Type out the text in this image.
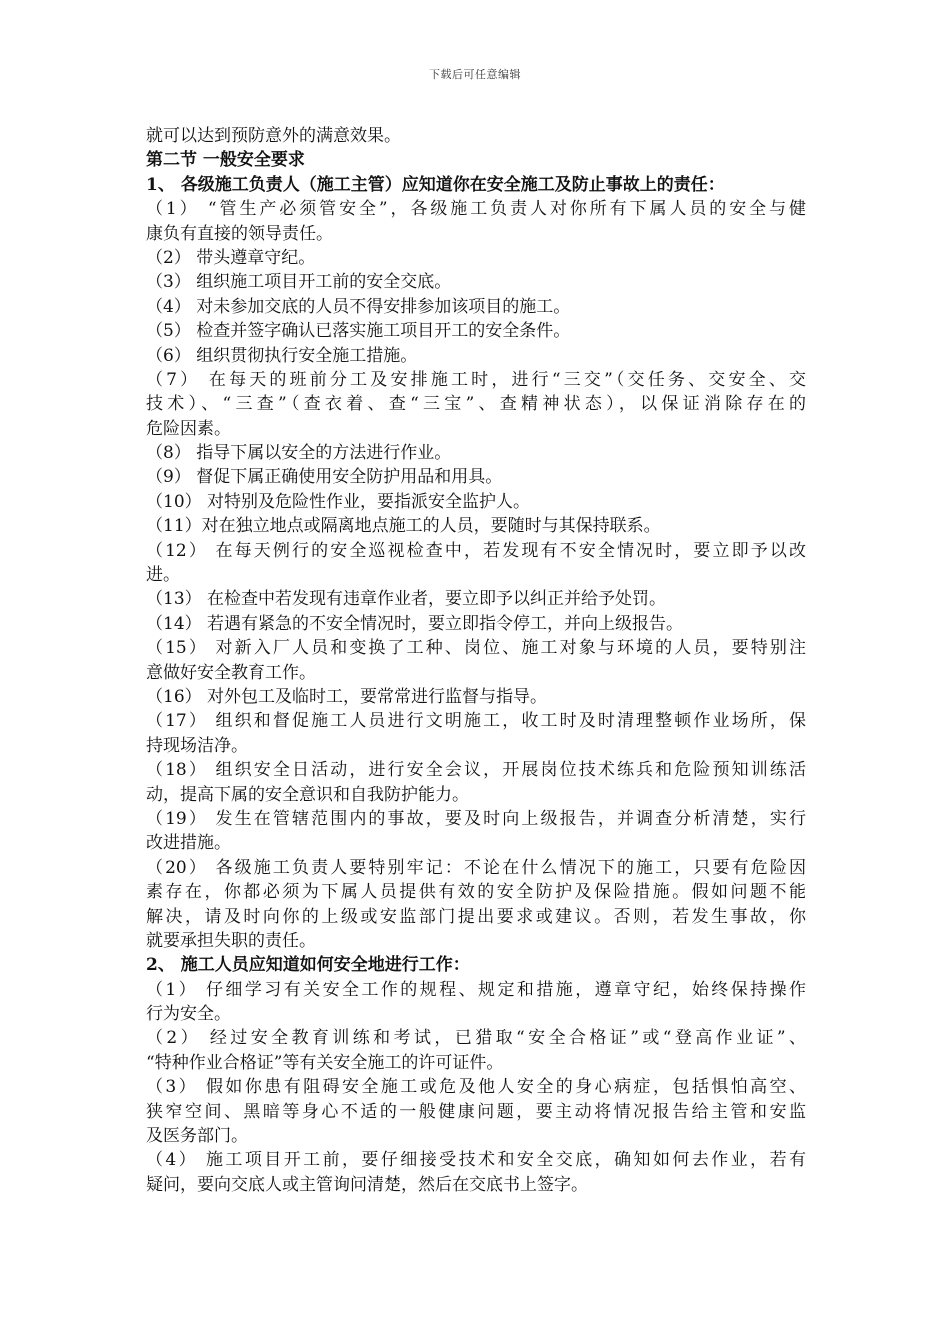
下载后可任意编辑
就可以达到预防意外的满意效果。
第二节 一般安全要求
1、 各级施工负责人（施工主管）应知道你在安全施工及防止事故上的责任：
（1） “管生产必须管安全”，各级施工负责人对你所有下属人员的安全与健
康负有直接的领导责任。
（2） 带头遵章守纪。
（3） 组织施工项目开工前的安全交底。
（4） 对未参加交底的人员不得安排参加该项目的施工。
（5） 检查并签字确认已落实施工项目开工的安全条件。
（6） 组织贯彻执行安全施工措施。
（7） 在每天的班前分工及安排施工时，进行“三交”（交任务、交安全、交
技术）、“三查”（查衣着、查“三宝”、查精神状态），以保证消除存在的
危险因素。
（8） 指导下属以安全的方法进行作业。
（9） 督促下属正确使用安全防护用品和用具。
（10） 对特别及危险性作业，要指派安全监护人。
（11）对在独立地点或隔离地点施工的人员，要随时与其保持联系。
（12） 在每天例行的安全巡视检查中，若发现有不安全情况时，要立即予以改
进。
（13） 在检查中若发现有违章作业者，要立即予以纠正并给予处罚。
（14） 若遇有紧急的不安全情况时，要立即指令停工，并向上级报告。
（15） 对新入厂人员和变换了工种、岗位、施工对象与环境的人员，要特别注
意做好安全教育工作。
（16） 对外包工及临时工，要常常进行监督与指导。
（17） 组织和督促施工人员进行文明施工，收工时及时清理整顿作业场所，保
持现场洁净。
（18） 组织安全日活动，进行安全会议，开展岗位技术练兵和危险预知训练活
动，提高下属的安全意识和自我防护能力。
（19） 发生在管辖范围内的事故，要及时向上级报告，并调查分析清楚，实行
改进措施。
（20） 各级施工负责人要特别牢记：不论在什么情况下的施工，只要有危险因
素存在，你都必须为下属人员提供有效的安全防护及保险措施。假如问题不能
解决，请及时向你的上级或安监部门提出要求或建议。否则，若发生事故，你
就要承担失职的责任。
2、 施工人员应知道如何安全地进行工作：
（1） 仔细学习有关安全工作的规程、规定和措施，遵章守纪，始终保持操作
行为安全。
（2） 经过安全教育训练和考试，已猎取“安全合格证”或“登高作业证”、
“特种作业合格证”等有关安全施工的许可证件。
（3） 假如你患有阻碍安全施工或危及他人安全的身心病症，包括惧怕高空、
狭窄空间、黑暗等身心不适的一般健康问题，要主动将情况报告给主管和安监
及医务部门。
（4） 施工项目开工前，要仔细接受技术和安全交底，确知如何去作业，若有
疑问，要向交底人或主管询问清楚，然后在交底书上签字。
